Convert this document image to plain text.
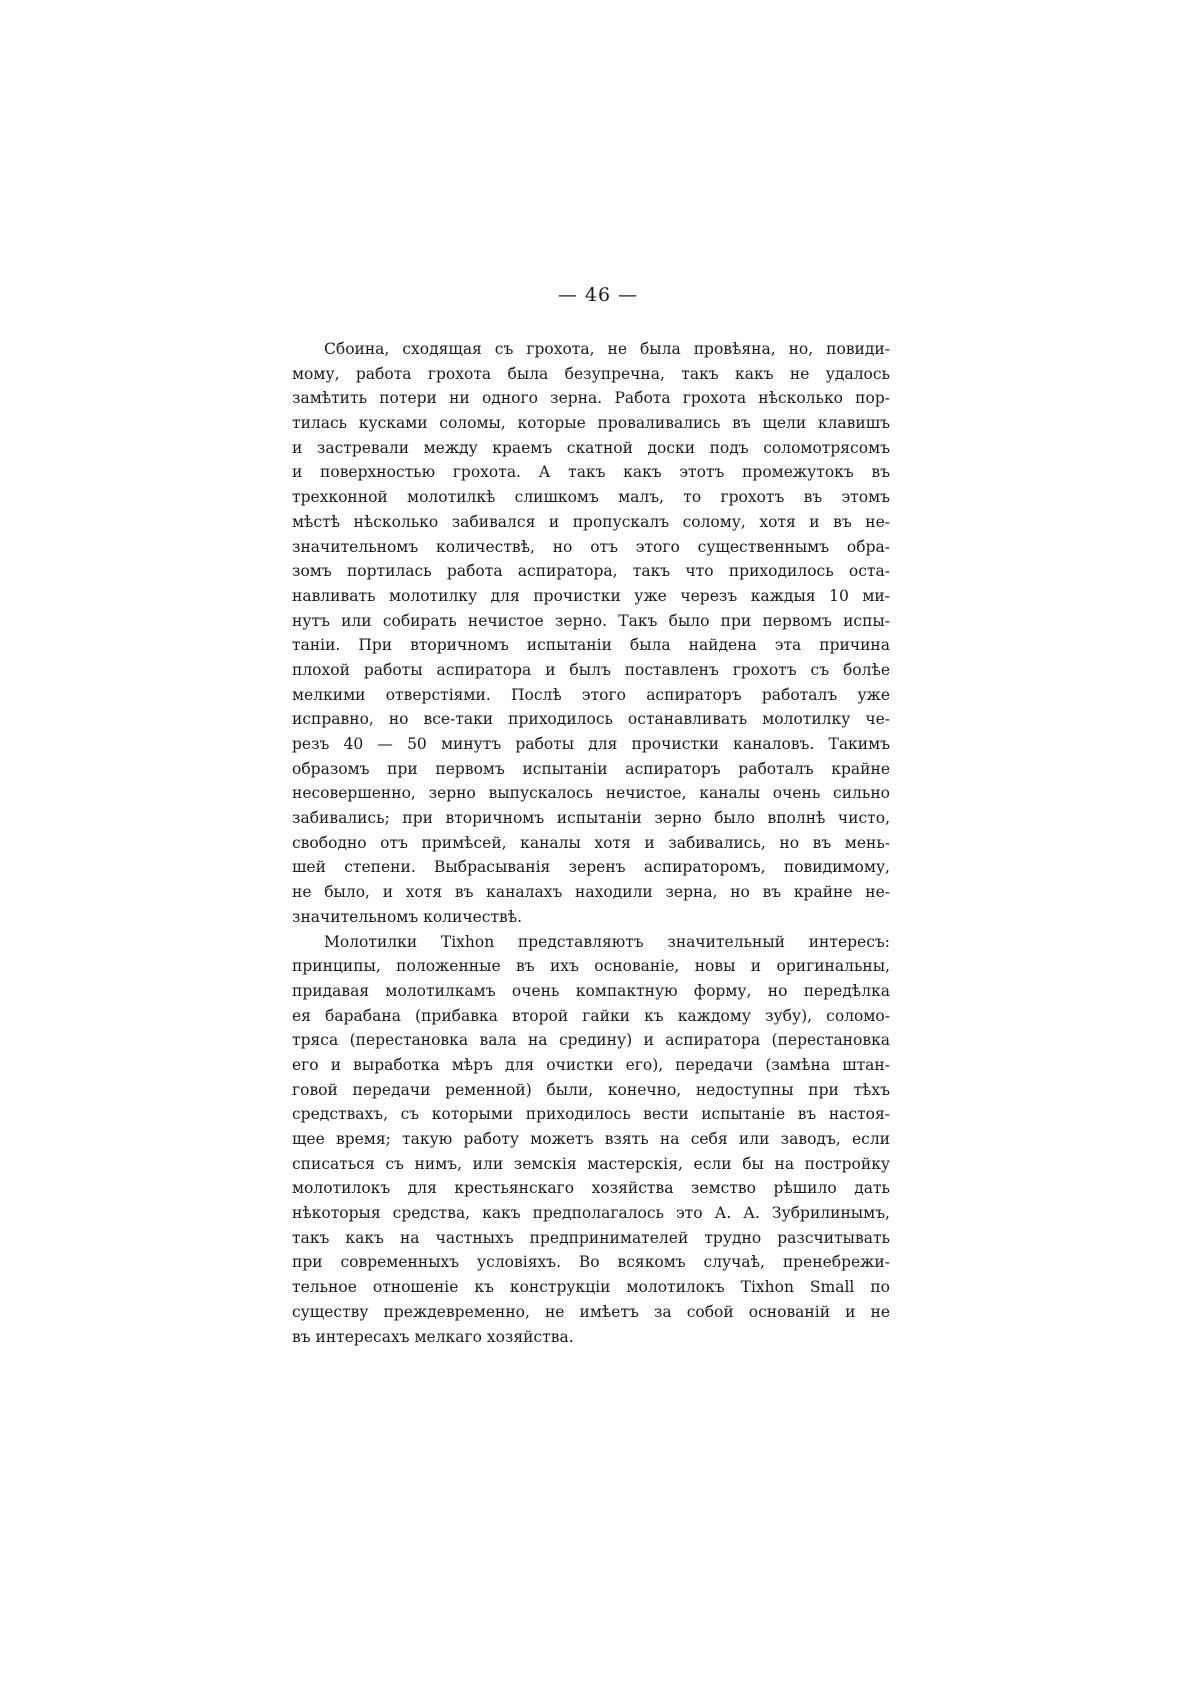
— 46 —
Сбоина, сходящая съ грохота, не была провѣяна, но, повиди-
мому, работа грохота была безупречна, такъ какъ не удалось
замѣтить потери ни одного зерна. Работа грохота нѣсколько пор-
тилась кусками соломы, которые проваливались въ щели клавишъ
и застревали между краемъ скатной доски подъ соломотрясомъ
и поверхностью грохота. А такъ какъ этотъ промежутокъ въ
трехконной молотилкѣ слишкомъ малъ, то грохотъ въ этомъ
мѣстѣ нѣсколько забивался и пропускалъ солому, хотя и въ не-
значительномъ количествѣ, но отъ этого существеннымъ обра-
зомъ портилась работа аспиратора, такъ что приходилось оста-
навливать молотилку для прочистки уже черезъ каждыя 10 ми-
нутъ или собирать нечистое зерно. Такъ было при первомъ испы-
таніи. При вторичномъ испытаніи была найдена эта причина
плохой работы аспиратора и былъ поставленъ грохотъ съ болѣе
мелкими отверстіями. Послѣ этого аспираторъ работалъ уже
исправно, но все-таки приходилось останавливать молотилку че-
резъ 40 — 50 минутъ работы для прочистки каналовъ. Такимъ
образомъ при первомъ испытаніи аспираторъ работалъ крайне
несовершенно, зерно выпускалось нечистое, каналы очень сильно
забивались; при вторичномъ испытаніи зерно было вполнѣ чисто,
свободно отъ примѣсей, каналы хотя и забивались, но въ мень-
шей степени. Выбрасыванія зеренъ аспираторомъ, повидимому,
не было, и хотя въ каналахъ находили зерна, но въ крайне не-
значительномъ количествѣ.
Молотилки Tixhon представляютъ значительный интересъ:
принципы, положенные въ ихъ основаніе, новы и оригинальны,
придавая молотилкамъ очень компактную форму, но передѣлка
ея барабана (прибавка второй гайки къ каждому зубу), соломо-
тряса (перестановка вала на средину) и аспиратора (перестановка
его и выработка мѣръ для очистки его), передачи (замѣна штан-
говой передачи ременной) были, конечно, недоступны при тѣхъ
средствахъ, съ которыми приходилось вести испытаніе въ настоя-
щее время; такую работу можетъ взять на себя или заводъ, если
списаться съ нимъ, или земскія мастерскія, если бы на постройку
молотилокъ для крестьянскаго хозяйства земство рѣшило дать
нѣкоторыя средства, какъ предполагалось это А. А. Зубрилинымъ,
такъ какъ на частныхъ предпринимателей трудно разсчитывать
при современныхъ условіяхъ. Во всякомъ случаѣ, пренебрежи-
тельное отношеніе къ конструкціи молотилокъ Tixhon Small по
существу преждевременно, не имѣетъ за собой основаній и не
въ интересахъ мелкаго хозяйства.
